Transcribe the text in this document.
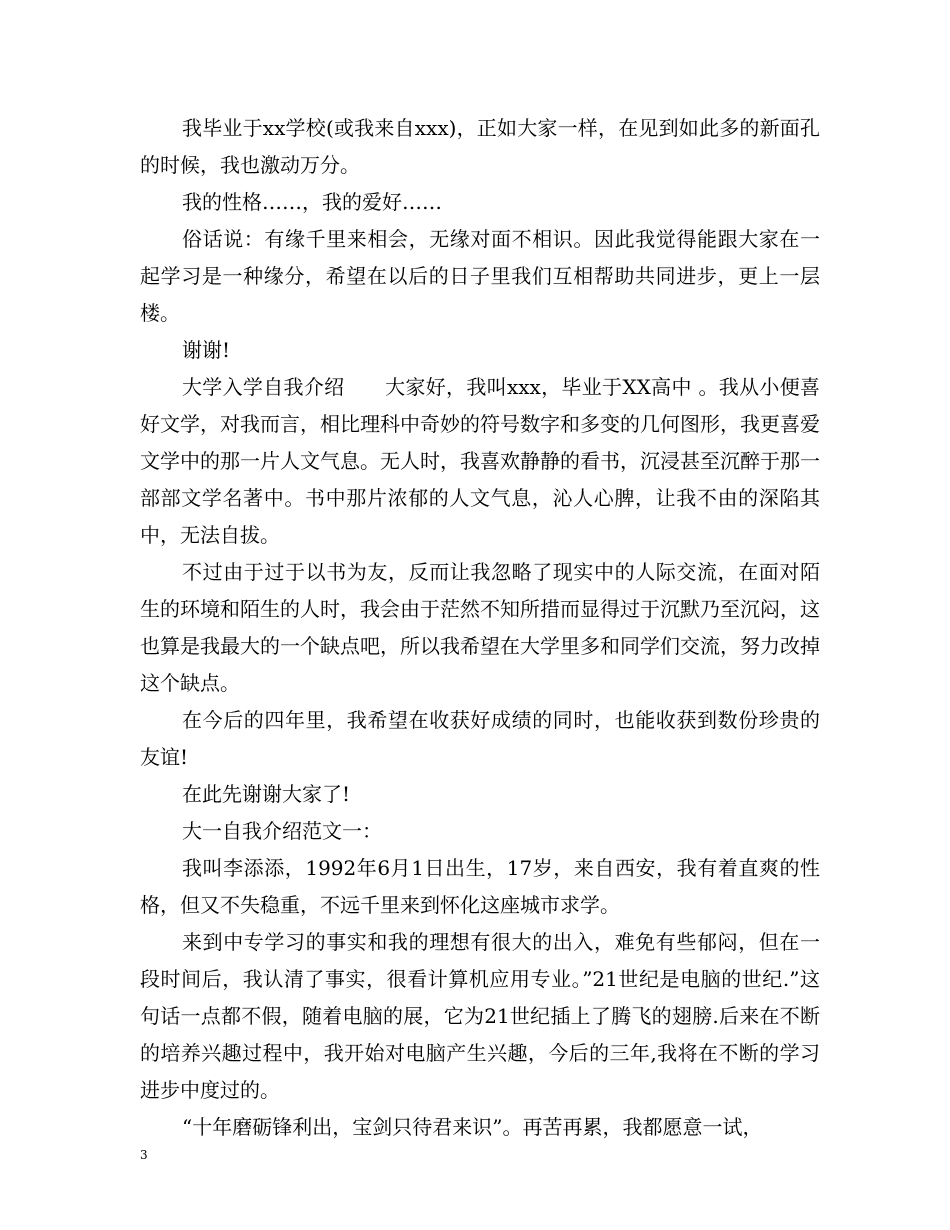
我毕业于xx学校(或我来自xxx)，正如大家一样，在见到如此多的新面孔的时候，我也激动万分。

我的性格……，我的爱好……

俗话说：有缘千里来相会，无缘对面不相识。因此我觉得能跟大家在一起学习是一种缘分，希望在以后的日子里我们互相帮助共同进步，更上一层楼。

谢谢!

大学入学自我介绍　　大家好，我叫xxx，毕业于XX高中 。我从小便喜好文学，对我而言，相比理科中奇妙的符号数字和多变的几何图形，我更喜爱文学中的那一片人文气息。无人时，我喜欢静静的看书，沉浸甚至沉醉于那一部部文学名著中。书中那片浓郁的人文气息，沁人心脾，让我不由的深陷其中，无法自拔。

不过由于过于以书为友，反而让我忽略了现实中的人际交流，在面对陌生的环境和陌生的人时，我会由于茫然不知所措而显得过于沉默乃至沉闷，这也算是我最大的一个缺点吧，所以我希望在大学里多和同学们交流，努力改掉这个缺点。

在今后的四年里，我希望在收获好成绩的同时，也能收获到数份珍贵的友谊!

在此先谢谢大家了!

大一自我介绍范文一：

我叫李添添，1992年6月1日出生，17岁，来自西安，我有着直爽的性格，但又不失稳重，不远千里来到怀化这座城市求学。

来到中专学习的事实和我的理想有很大的出入，难免有些郁闷，但在一段时间后，我认清了事实，很看计算机应用专业。”21世纪是电脑的世纪.”这句话一点都不假，随着电脑的展，它为21世纪插上了腾飞的翅膀.后来在不断的培养兴趣过程中，我开始对电脑产生兴趣，今后的三年,我将在不断的学习进步中度过的。

“十年磨砺锋利出，宝剑只待君来识”。再苦再累，我都愿意一试，

3
